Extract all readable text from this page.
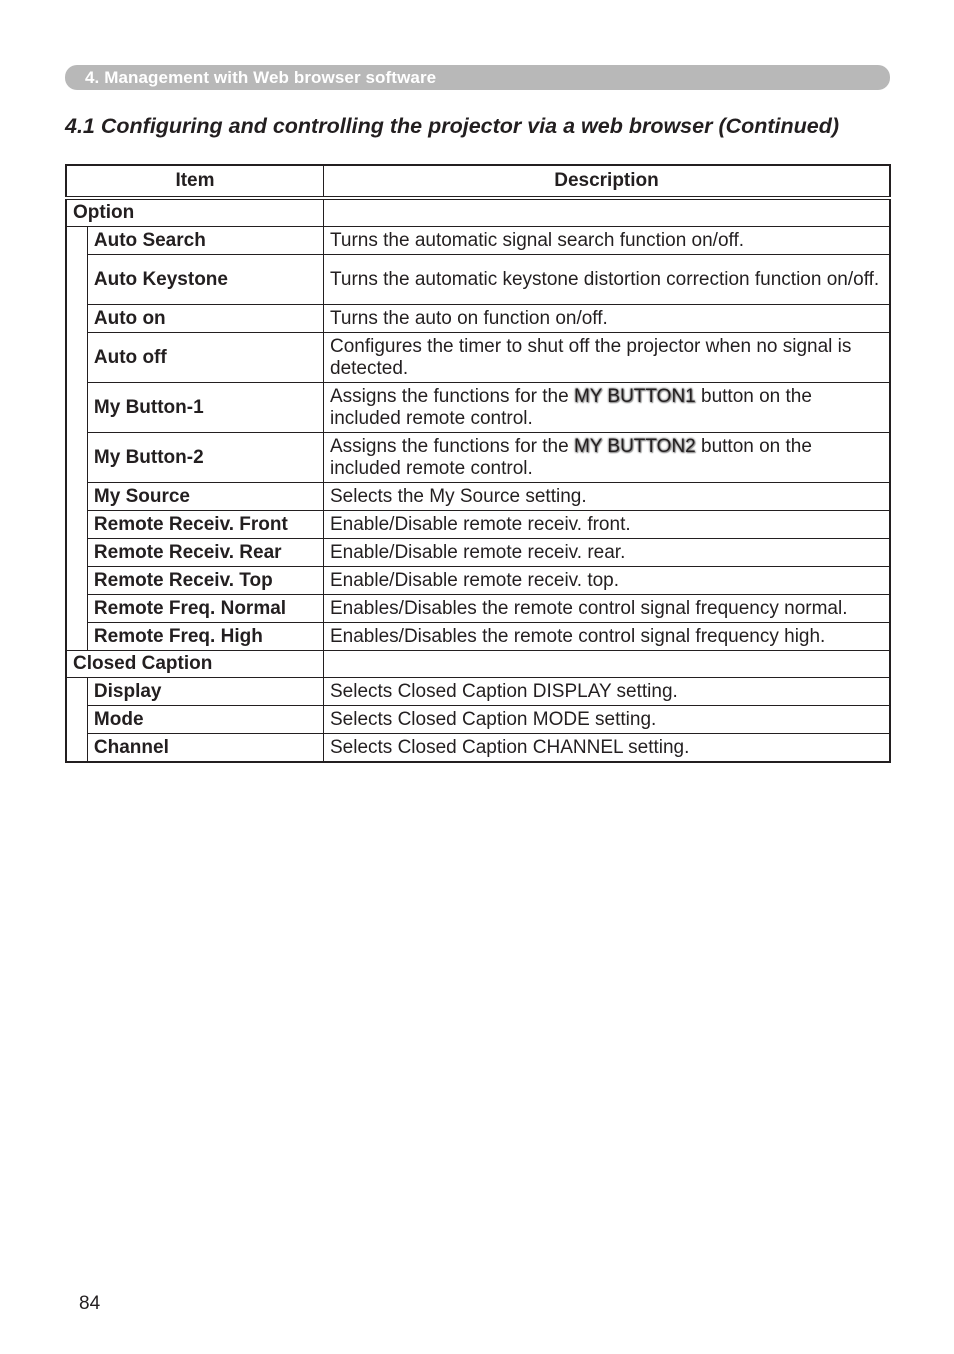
4. Management with Web browser software
4.1 Configuring and controlling the projector via a web browser (Continued)
Item		Description
Option		
	Auto Search	Turns the automatic signal search function on/off.
	Auto Keystone	Turns the automatic keystone distortion correction function on/off.
	Auto on	Turns the auto on function on/off.
	Auto off	Configures the timer to shut off the projector when no signal is detected.
	My Button-1	Assigns the functions for the MY BUTTON1 button on the included remote control.
	My Button-2	Assigns the functions for the MY BUTTON2 button on the included remote control.
	My Source	Selects the My Source setting.
	Remote Receiv. Front	Enable/Disable remote receiv. front.
	Remote Receiv. Rear	Enable/Disable remote receiv. rear.
	Remote Receiv. Top	Enable/Disable remote receiv. top.
	Remote Freq. Normal	Enables/Disables the remote control signal frequency normal.
	Remote Freq. High	Enables/Disables the remote control signal frequency high.
Closed Caption		
	Display	Selects Closed Caption DISPLAY setting.
	Mode	Selects Closed Caption MODE setting.
	Channel	Selects Closed Caption CHANNEL setting.
84
